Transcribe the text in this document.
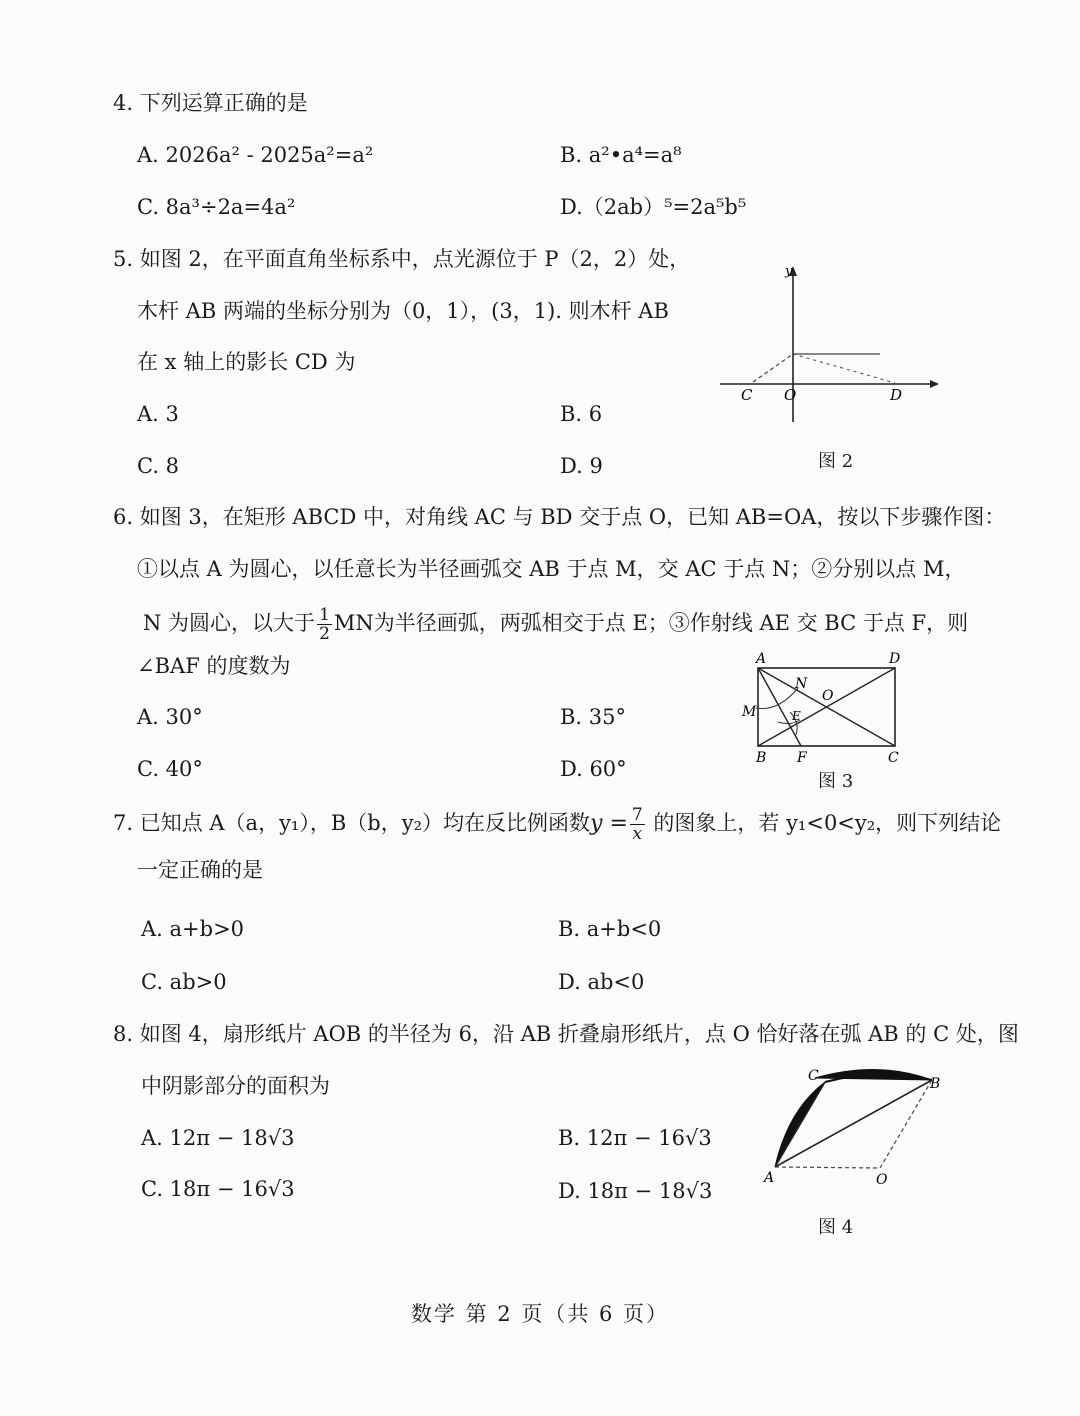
4. 下列运算正确的是
A. 2026a² - 2025a²=a²	B. a²•a⁴=a⁸
C. 8a³÷2a=4a²	D.（2ab）⁵=2a⁵b⁵
5. 如图 2，在平面直角坐标系中，点光源位于 P（2，2）处，
木杆 AB 两端的坐标分别为（0，1），(3，1). 则木杆 AB
在 x 轴上的影长 CD 为
A. 3	B. 6
C. 8	D. 9
y
C O	D
图 2
6. 如图 3，在矩形 ABCD 中，对角线 AC 与 BD 交于点 O，已知 AB=OA，按以下步骤作图：
①以点 A 为圆心，以任意长为半径画弧交 AB 于点 M，交 AC 于点 N；②分别以点 M，
N 为圆心，以大于 $\frac{1}{2}$ MN为半径画弧，两弧相交于点 E；③作射线 AE 交 BC 于点 F，则
∠BAF 的度数为
A. 30°	B. 35°
C. 40°	D. 60°
A	D
N
O
M	E
B F	C
图 3
7. 已知点 A（a，y₁），B（b，y₂）均在反比例函数$y = \frac{7}{x}$ 的图象上，若 y₁<0<y₂，则下列结论
一定正确的是
A. a+b>0	B. a+b<0
C. ab>0	D. ab<0
8. 如图 4，扇形纸片 AOB 的半径为 6，沿 AB 折叠扇形纸片，点 O 恰好落在弧 AB 的 C 处，图
中阴影部分的面积为
A. 12π − 18√3	B. 12π − 16√3
C. 18π − 16√3	D. 18π − 18√3
C	B
A	O
图 4
数学 第 2 页（共 6 页）
